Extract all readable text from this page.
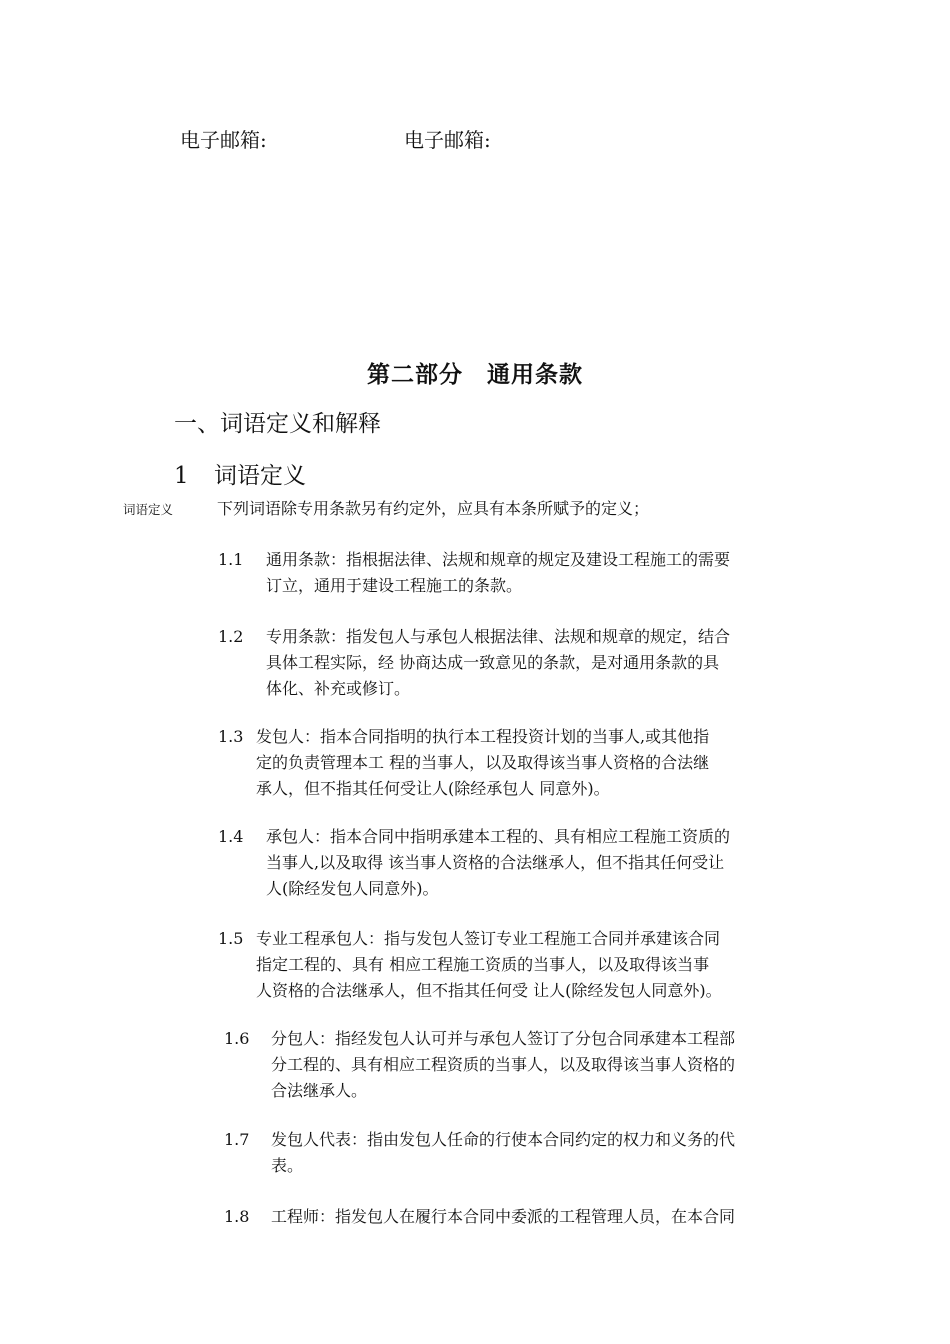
电子邮箱:	电子邮箱:
第二部分　通用条款
一、词语定义和解释
1 词语定义
词语定义	下列词语除专用条款另有约定外，应具有本条所赋予的定义；
1.1 通用条款：指根据法律、法规和规章的规定及建设工程施工的需要
订立，通用于建设工程施工的条款。
1.2 专用条款：指发包人与承包人根据法律、法规和规章的规定，结合
具体工程实际，经 协商达成一致意见的条款，是对通用条款的具
体化、补充或修订。
1.3 发包人：指本合同指明的执行本工程投资计划的当事人,或其他指
定的负责管理本工 程的当事人，以及取得该当事人资格的合法继
承人，但不指其任何受让人(除经承包人 同意外)。
1.4 承包人：指本合同中指明承建本工程的、具有相应工程施工资质的
当事人,以及取得 该当事人资格的合法继承人，但不指其任何受让
人(除经发包人同意外)。
1.5 专业工程承包人：指与发包人签订专业工程施工合同并承建该合同
指定工程的、具有 相应工程施工资质的当事人，以及取得该当事
人资格的合法继承人，但不指其任何受 让人(除经发包人同意外)。
1.6 分包人：指经发包人认可并与承包人签订了分包合同承建本工程部
分工程的、具有相应工程资质的当事人，以及取得该当事人资格的
合法继承人。
1.7 发包人代表：指由发包人任命的行使本合同约定的权力和义务的代
表。
1.8 工程师：指发包人在履行本合同中委派的工程管理人员，在本合同
